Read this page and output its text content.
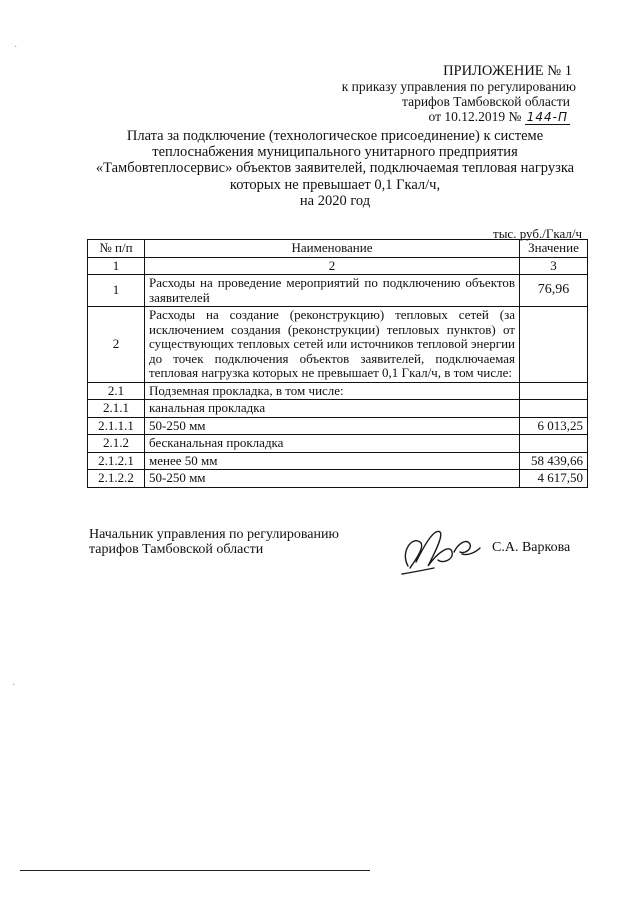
·
·
ПРИЛОЖЕНИЕ № 1
к приказу управления по регулированию
тарифов Тамбовской области
от 10.12.2019 № 144-П
Плата за подключение (технологическое присоединение) к системе
теплоснабжения муниципального унитарного предприятия
«Тамбовтеплосервис» объектов заявителей, подключаемая тепловая нагрузка
которых не превышает 0,1 Гкал/ч,
на 2020 год
тыс. руб./Гкал/ч
№ п/п	Наименование	Значение
1	2	3
1	Расходы на проведение мероприятий по подключению объектов заявителей	76,96
2	Расходы на создание (реконструкцию) тепловых сетей (за исключением создания (реконструкции) тепловых пунктов) от существующих тепловых сетей или источников тепловой энергии до точек подключения объектов заявителей, подключаемая тепловая нагрузка которых не превышает 0,1 Гкал/ч, в том числе:	
2.1	Подземная прокладка, в том числе:	
2.1.1	канальная прокладка	
2.1.1.1	50-250 мм	6 013,25
2.1.2	бесканальная прокладка	
2.1.2.1	менее 50 мм	58 439,66
2.1.2.2	50-250 мм	4 617,50
Начальник управления по регулированию
тарифов Тамбовской области	С.А. Варкова
